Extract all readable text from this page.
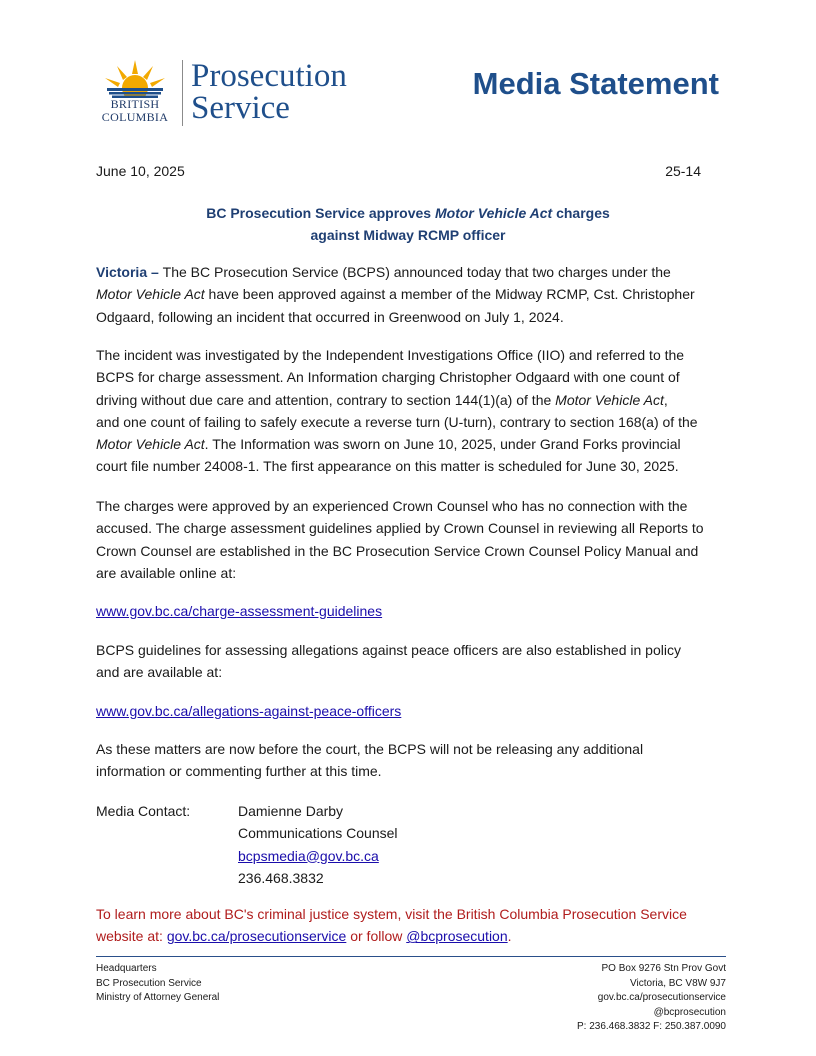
BRITISH
COLUMBIA
Prosecution
Service
Media Statement
June 10, 2025	25-14
BC Prosecution Service approves Motor Vehicle Act charges
against Midway RCMP officer
Victoria – The BC Prosecution Service (BCPS) announced today that two charges under the
Motor Vehicle Act have been approved against a member of the Midway RCMP, Cst. Christopher
Odgaard, following an incident that occurred in Greenwood on July 1, 2024.
The incident was investigated by the Independent Investigations Office (IIO) and referred to the
BCPS for charge assessment. An Information charging Christopher Odgaard with one count of
driving without due care and attention, contrary to section 144(1)(a) of the Motor Vehicle Act,
and one count of failing to safely execute a reverse turn (U-turn), contrary to section 168(a) of the
Motor Vehicle Act. The Information was sworn on June 10, 2025, under Grand Forks provincial
court file number 24008-1. The first appearance on this matter is scheduled for June 30, 2025.
The charges were approved by an experienced Crown Counsel who has no connection with the
accused. The charge assessment guidelines applied by Crown Counsel in reviewing all Reports to
Crown Counsel are established in the BC Prosecution Service Crown Counsel Policy Manual and
are available online at:
www.gov.bc.ca/charge-assessment-guidelines
BCPS guidelines for assessing allegations against peace officers are also established in policy
and are available at:
www.gov.bc.ca/allegations-against-peace-officers
As these matters are now before the court, the BCPS will not be releasing any additional
information or commenting further at this time.
Media Contact:	Damienne Darby
Communications Counsel
bcpsmedia@gov.bc.ca
236.468.3832
To learn more about BC's criminal justice system, visit the British Columbia Prosecution Service
website at: gov.bc.ca/prosecutionservice or follow @bcprosecution.
Headquarters
BC Prosecution Service
Ministry of Attorney General
PO Box 9276 Stn Prov Govt
Victoria, BC V8W 9J7
gov.bc.ca/prosecutionservice
@bcprosecution
P: 236.468.3832 F: 250.387.0090
